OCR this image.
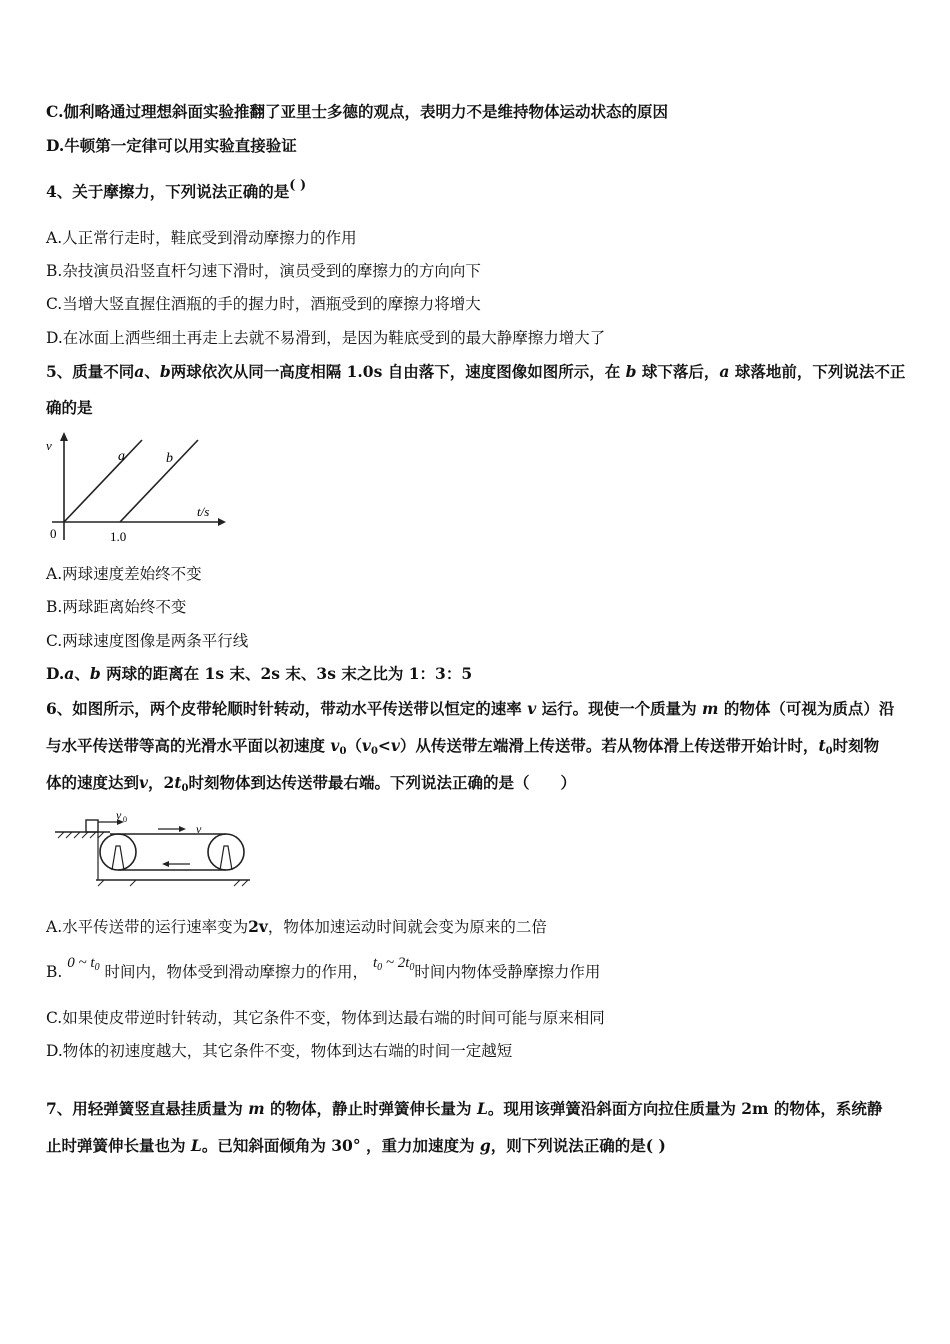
C.伽利略通过理想斜面实验推翻了亚里士多德的观点，表明力不是维持物体运动状态的原因
D.牛顿第一定律可以用实验直接验证
4、关于摩擦力，下列说法正确的是( )
A.人正常行走时，鞋底受到滑动摩擦力的作用
B.杂技演员沿竖直杆匀速下滑时，演员受到的摩擦力的方向向下
C.当增大竖直握住酒瓶的手的握力时，酒瓶受到的摩擦力将增大
D.在冰面上洒些细土再走上去就不易滑到，是因为鞋底受到的最大静摩擦力增大了
5、质量不同a、b两球依次从同一高度相隔 1.0s 自由落下，速度图像如图所示，在 b 球下落后，a 球落地前，下列说法不正
确的是
v
t/s
0	1.0
a	b
A.两球速度差始终不变
B.两球距离始终不变
C.两球速度图像是两条平行线
D.a、b 两球的距离在 1s 末、2s 末、3s 末之比为 1：3：5
6、如图所示，两个皮带轮顺时针转动，带动水平传送带以恒定的速率 v 运行。现使一个质量为 m 的物体（可视为质点）沿
与水平传送带等高的光滑水平面以初速度 $v_0(v_0<v)$从传送带左端滑上传送带。若从物体滑上传送带开始计时，$t_0$时刻物
体的速度达到v，$2t_0$时刻物体到达传送带最右端。下列说法正确的是（　　）
v 0
v
A.水平传送带的运行速率变为2v，物体加速运动时间就会变为原来的二倍
B. 0 ~ $t_0$ 时间内，物体受到滑动摩擦力的作用， $t_0$ ~ $2t_0$时间内物体受静摩擦力作用
C.如果使皮带逆时针转动，其它条件不变，物体到达最右端的时间可能与原来相同
D.物体的初速度越大，其它条件不变，物体到达右端的时间一定越短
7、用轻弹簧竖直悬挂质量为 m 的物体，静止时弹簧伸长量为 L。现用该弹簧沿斜面方向拉住质量为 2m 的物体，系统静
止时弹簧伸长量也为 L。已知斜面倾角为 30° ，重力加速度为 g，则下列说法正确的是( )
